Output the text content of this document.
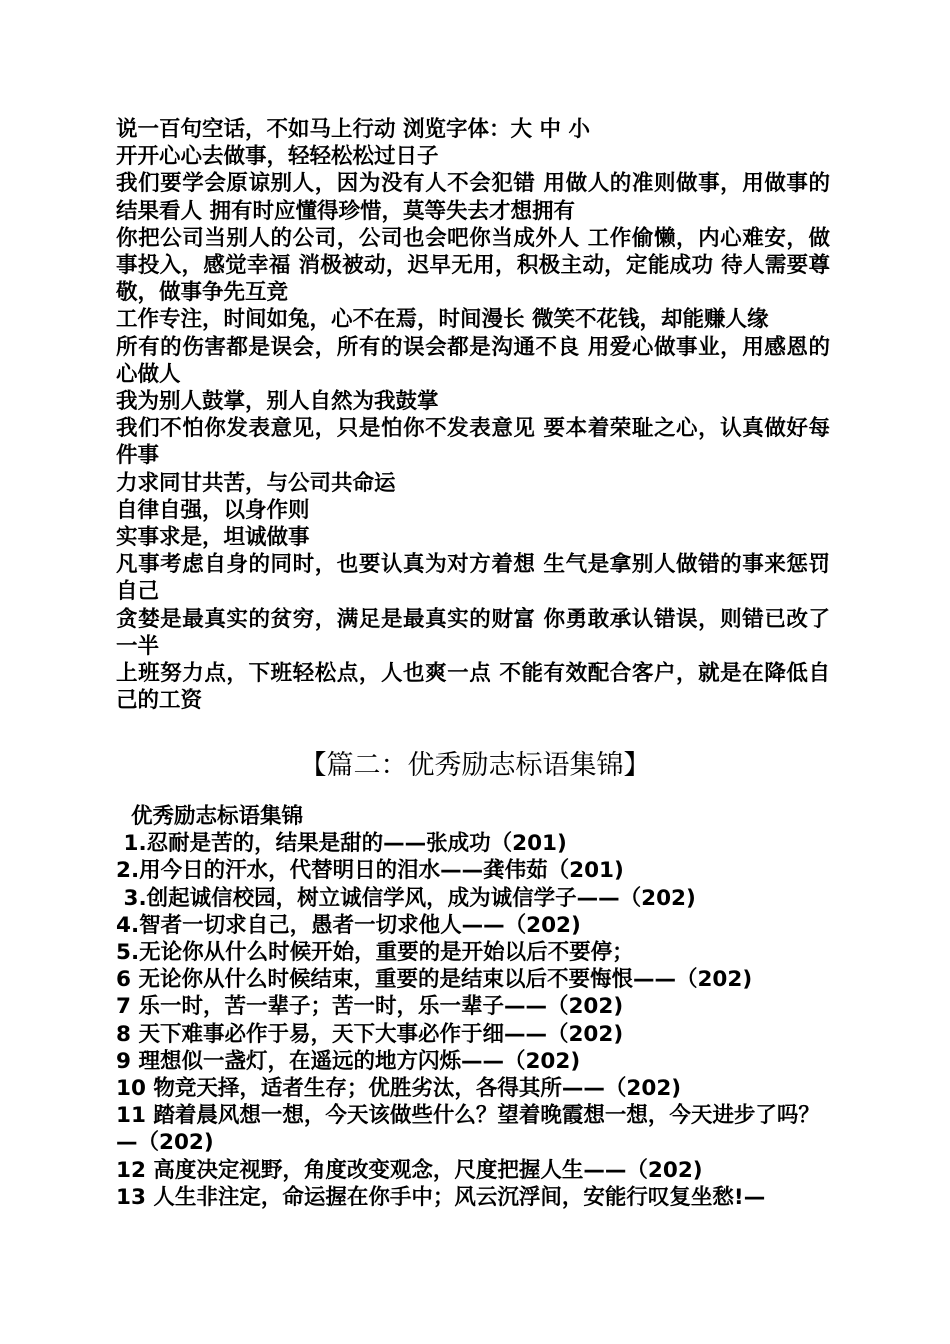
说一百句空话，不如马上行动 浏览字体：大 中 小

开开心心去做事，轻轻松松过日子

我们要学会原谅别人，因为没有人不会犯错 用做人的准则做事，用做事的结果看人 拥有时应懂得珍惜，莫等失去才想拥有

你把公司当别人的公司，公司也会吧你当成外人 工作偷懒，内心难安，做事投入，感觉幸福 消极被动，迟早无用，积极主动，定能成功 待人需要尊敬，做事争先互竞

工作专注，时间如兔，心不在焉，时间漫长 微笑不花钱，却能赚人缘

所有的伤害都是误会，所有的误会都是沟通不良 用爱心做事业，用感恩的心做人

我为别人鼓掌，别人自然为我鼓掌

我们不怕你发表意见，只是怕你不发表意见 要本着荣耻之心，认真做好每件事

力求同甘共苦，与公司共命运

自律自强，以身作则

实事求是，坦诚做事

凡事考虑自身的同时，也要认真为对方着想 生气是拿别人做错的事来惩罚自己

贪婪是最真实的贫穷，满足是最真实的财富 你勇敢承认错误，则错已改了一半

上班努力点，下班轻松点，人也爽一点 不能有效配合客户，就是在降低自己的工资

【篇二：优秀励志标语集锦】

优秀励志标语集锦

1.忍耐是苦的，结果是甜的——张成功（201)

2.用今日的汗水，代替明日的泪水——龚伟茹（201)

3.创起诚信校园，树立诚信学风，成为诚信学子——（202)

4.智者一切求自己，愚者一切求他人——（202)

5.无论你从什么时候开始，重要的是开始以后不要停；

6 无论你从什么时候结束，重要的是结束以后不要悔恨——（202)

7 乐一时，苦一辈子；苦一时，乐一辈子——（202)

8 天下难事必作于易，天下大事必作于细——（202)

9 理想似一盏灯，在遥远的地方闪烁——（202)

10 物竞天择，适者生存；优胜劣汰，各得其所——（202)

11 踏着晨风想一想，今天该做些什么？望着晚霞想一想，今天进步了吗？—（202)

12 高度决定视野，角度改变观念，尺度把握人生——（202)

13 人生非注定，命运握在你手中；风云沉浮间，安能行叹复坐愁!—
